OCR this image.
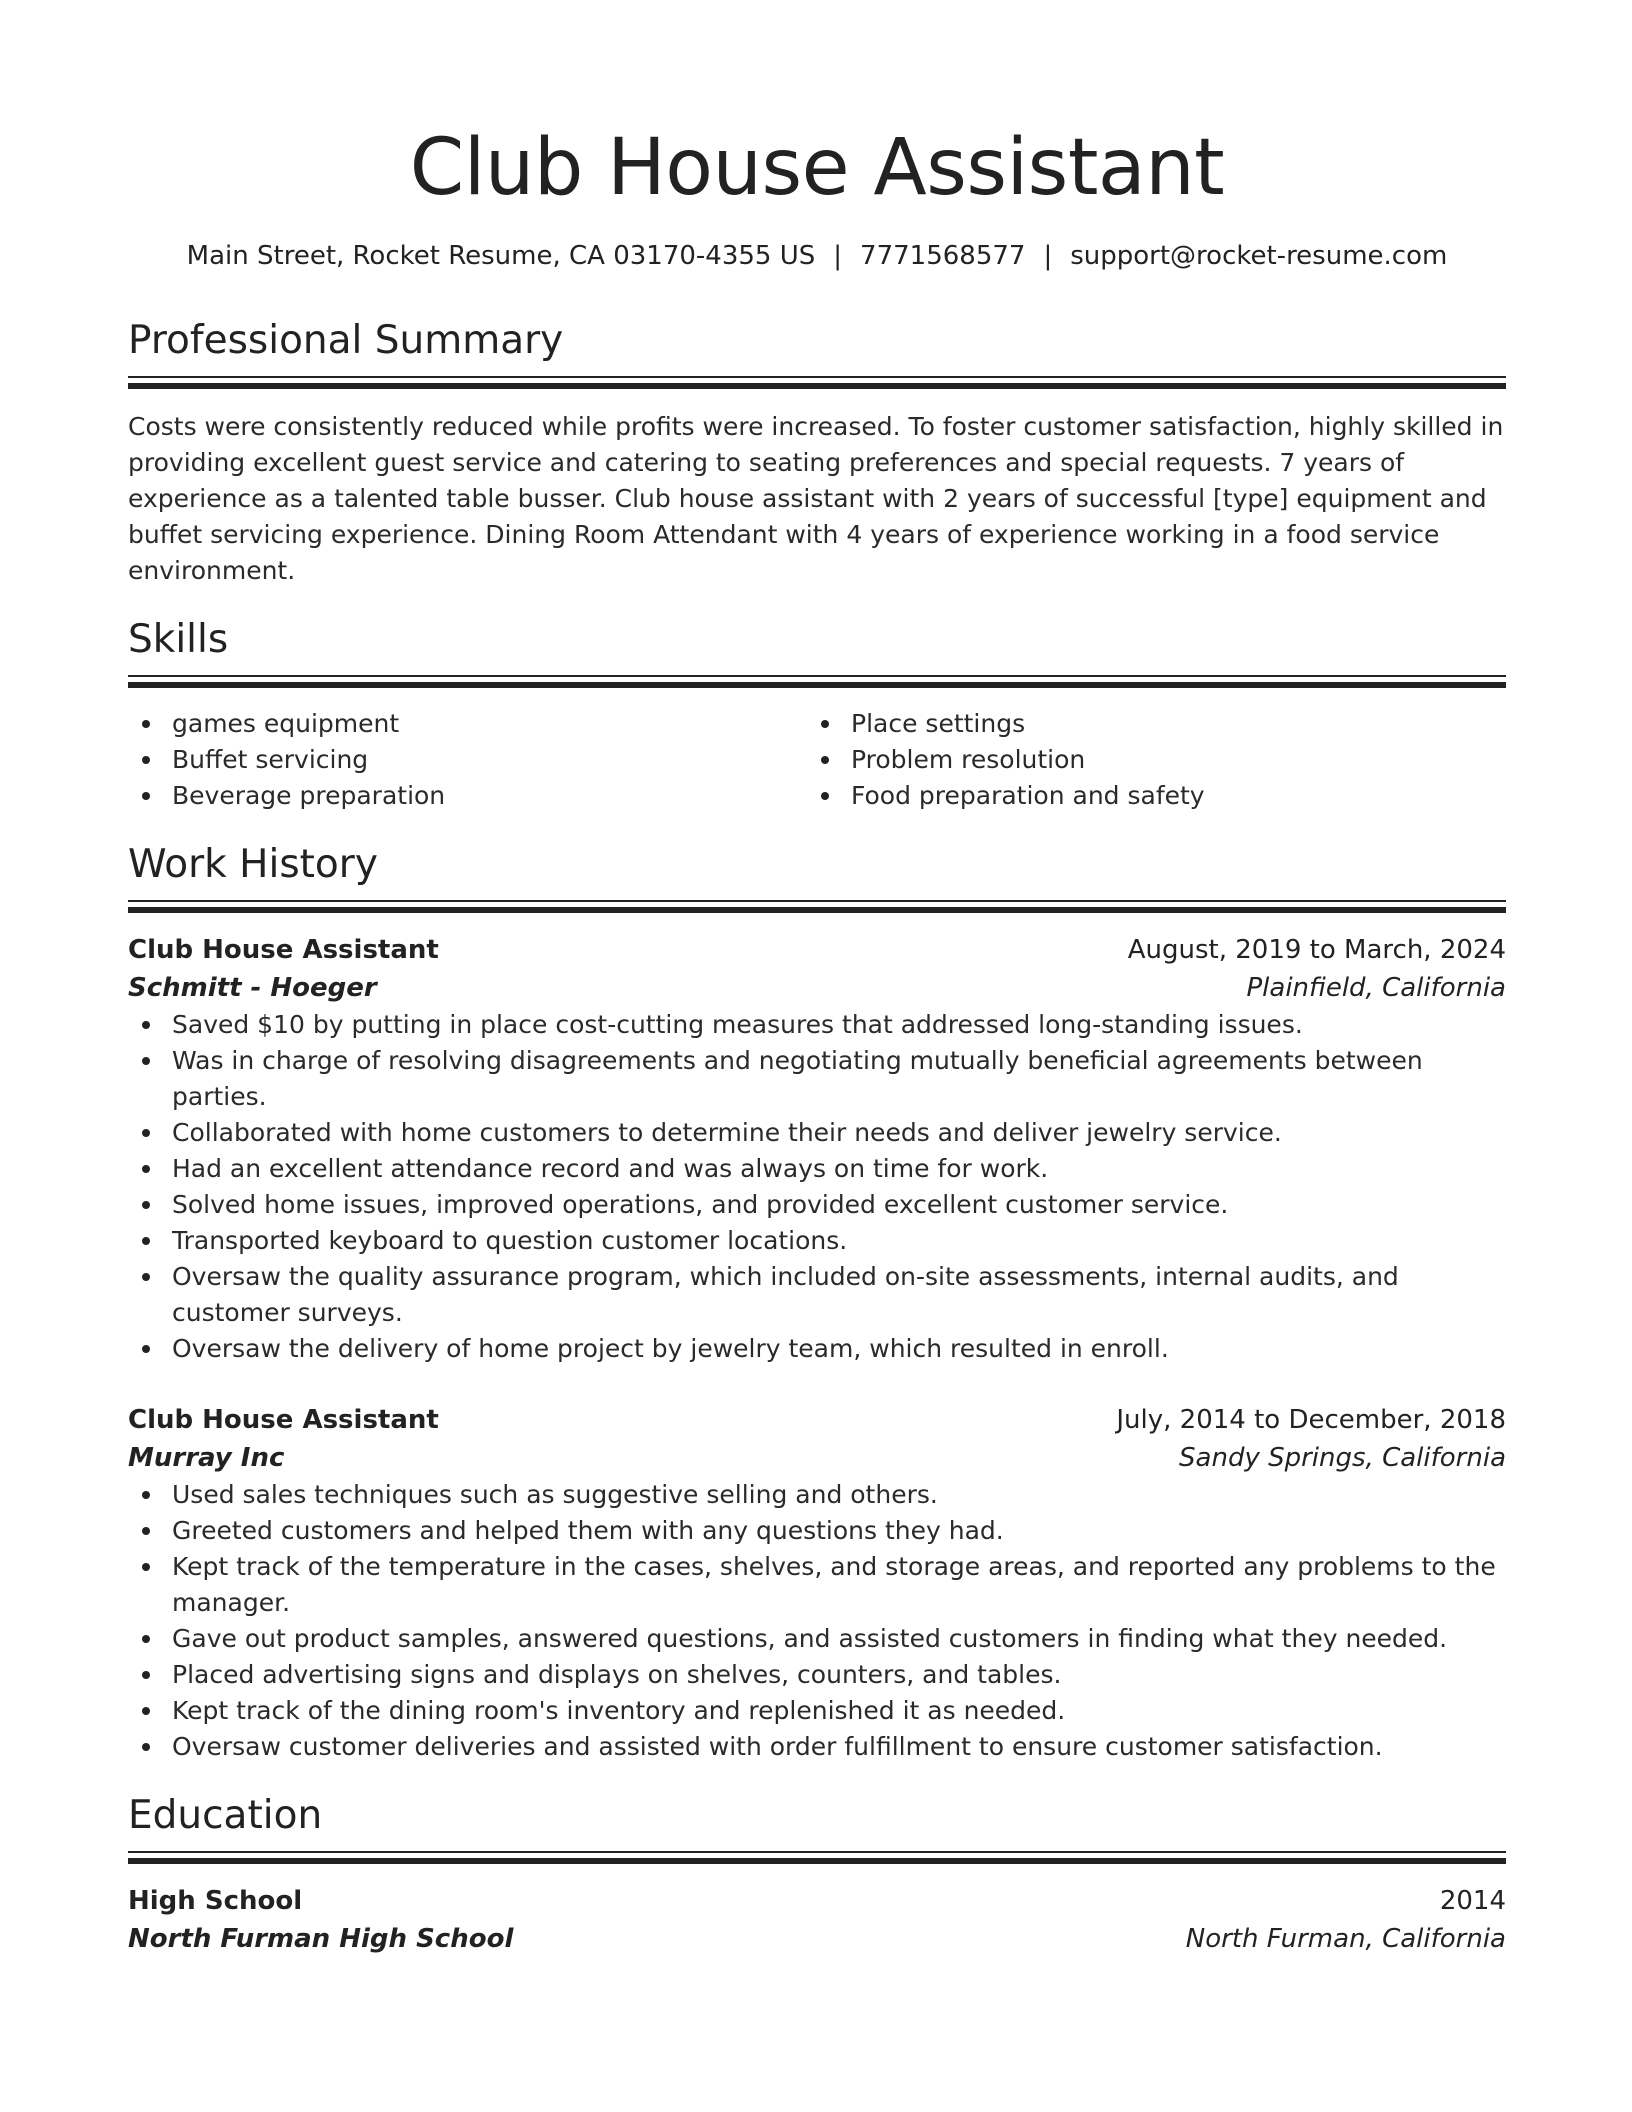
Club House Assistant
Main Street, Rocket Resume, CA 03170-4355 US | 7771568577 | support@rocket-resume.com
Professional Summary

Costs were consistently reduced while profits were increased. To foster customer satisfaction, highly skilled in providing excellent guest service and catering to seating preferences and special requests. 7 years of experience as a talented table busser. Club house assistant with 2 years of successful [type] equipment and buffet servicing experience. Dining Room Attendant with 4 years of experience working in a food service environment.

Skills
games equipment
Buffet servicing
Beverage preparation
Place settings
Problem resolution
Food preparation and safety
Work History
Club House Assistant	August, 2019 to March, 2024
Schmitt - Hoeger	Plainfield, California
Saved $10 by putting in place cost-cutting measures that addressed long-standing issues.
Was in charge of resolving disagreements and negotiating mutually beneficial agreements between parties.
Collaborated with home customers to determine their needs and deliver jewelry service.
Had an excellent attendance record and was always on time for work.
Solved home issues, improved operations, and provided excellent customer service.
Transported keyboard to question customer locations.
Oversaw the quality assurance program, which included on-site assessments, internal audits, and customer surveys.
Oversaw the delivery of home project by jewelry team, which resulted in enroll.
Club House Assistant	July, 2014 to December, 2018
Murray Inc	Sandy Springs, California
Used sales techniques such as suggestive selling and others.
Greeted customers and helped them with any questions they had.
Kept track of the temperature in the cases, shelves, and storage areas, and reported any problems to the manager.
Gave out product samples, answered questions, and assisted customers in finding what they needed.
Placed advertising signs and displays on shelves, counters, and tables.
Kept track of the dining room's inventory and replenished it as needed.
Oversaw customer deliveries and assisted with order fulfillment to ensure customer satisfaction.
Education
High School	2014
North Furman High School	North Furman, California
